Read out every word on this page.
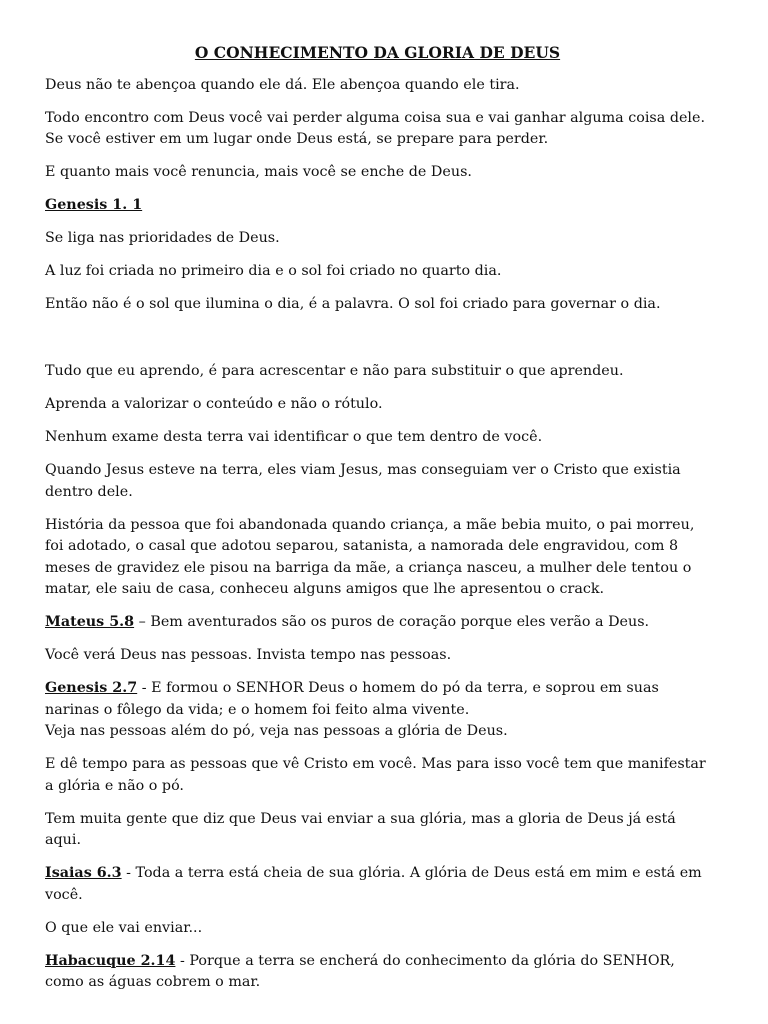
O CONHECIMENTO DA GLORIA DE DEUS

Deus não te abençoa quando ele dá. Ele abençoa quando ele tira.

Todo encontro com Deus você vai perder alguma coisa sua e vai ganhar alguma coisa dele.
Se você estiver em um lugar onde Deus está, se prepare para perder.

E quanto mais você renuncia, mais você se enche de Deus.

Genesis 1. 1

Se liga nas prioridades de Deus.

A luz foi criada no primeiro dia e o sol foi criado no quarto dia.

Então não é o sol que ilumina o dia, é a palavra. O sol foi criado para governar o dia.

Tudo que eu aprendo, é para acrescentar e não para substituir o que aprendeu.

Aprenda a valorizar o conteúdo e não o rótulo.

Nenhum exame desta terra vai identificar o que tem dentro de você.

Quando Jesus esteve na terra, eles viam Jesus, mas conseguiam ver o Cristo que existia dentro dele.

História da pessoa que foi abandonada quando criança, a mãe bebia muito, o pai morreu, foi adotado, o casal que adotou separou, satanista, a namorada dele engravidou, com 8 meses de gravidez ele pisou na barriga da mãe, a criança nasceu, a mulher dele tentou o matar, ele saiu de casa, conheceu alguns amigos que lhe apresentou o crack.

Mateus 5.8 – Bem aventurados são os puros de coração porque eles verão a Deus.

Você verá Deus nas pessoas. Invista tempo nas pessoas.

Genesis 2.7 - E formou o SENHOR Deus o homem do pó da terra, e soprou em suas narinas o fôlego da vida; e o homem foi feito alma vivente.
Veja nas pessoas além do pó, veja nas pessoas a glória de Deus.

E dê tempo para as pessoas que vê Cristo em você. Mas para isso você tem que manifestar a glória e não o pó.

Tem muita gente que diz que Deus vai enviar a sua glória, mas a gloria de Deus já está aqui.

Isaias 6.3 - Toda a terra está cheia de sua glória. A glória de Deus está em mim e está em você.

O que ele vai enviar...

Habacuque 2.14 - Porque a terra se encherá do conhecimento da glória do SENHOR, como as águas cobrem o mar.
